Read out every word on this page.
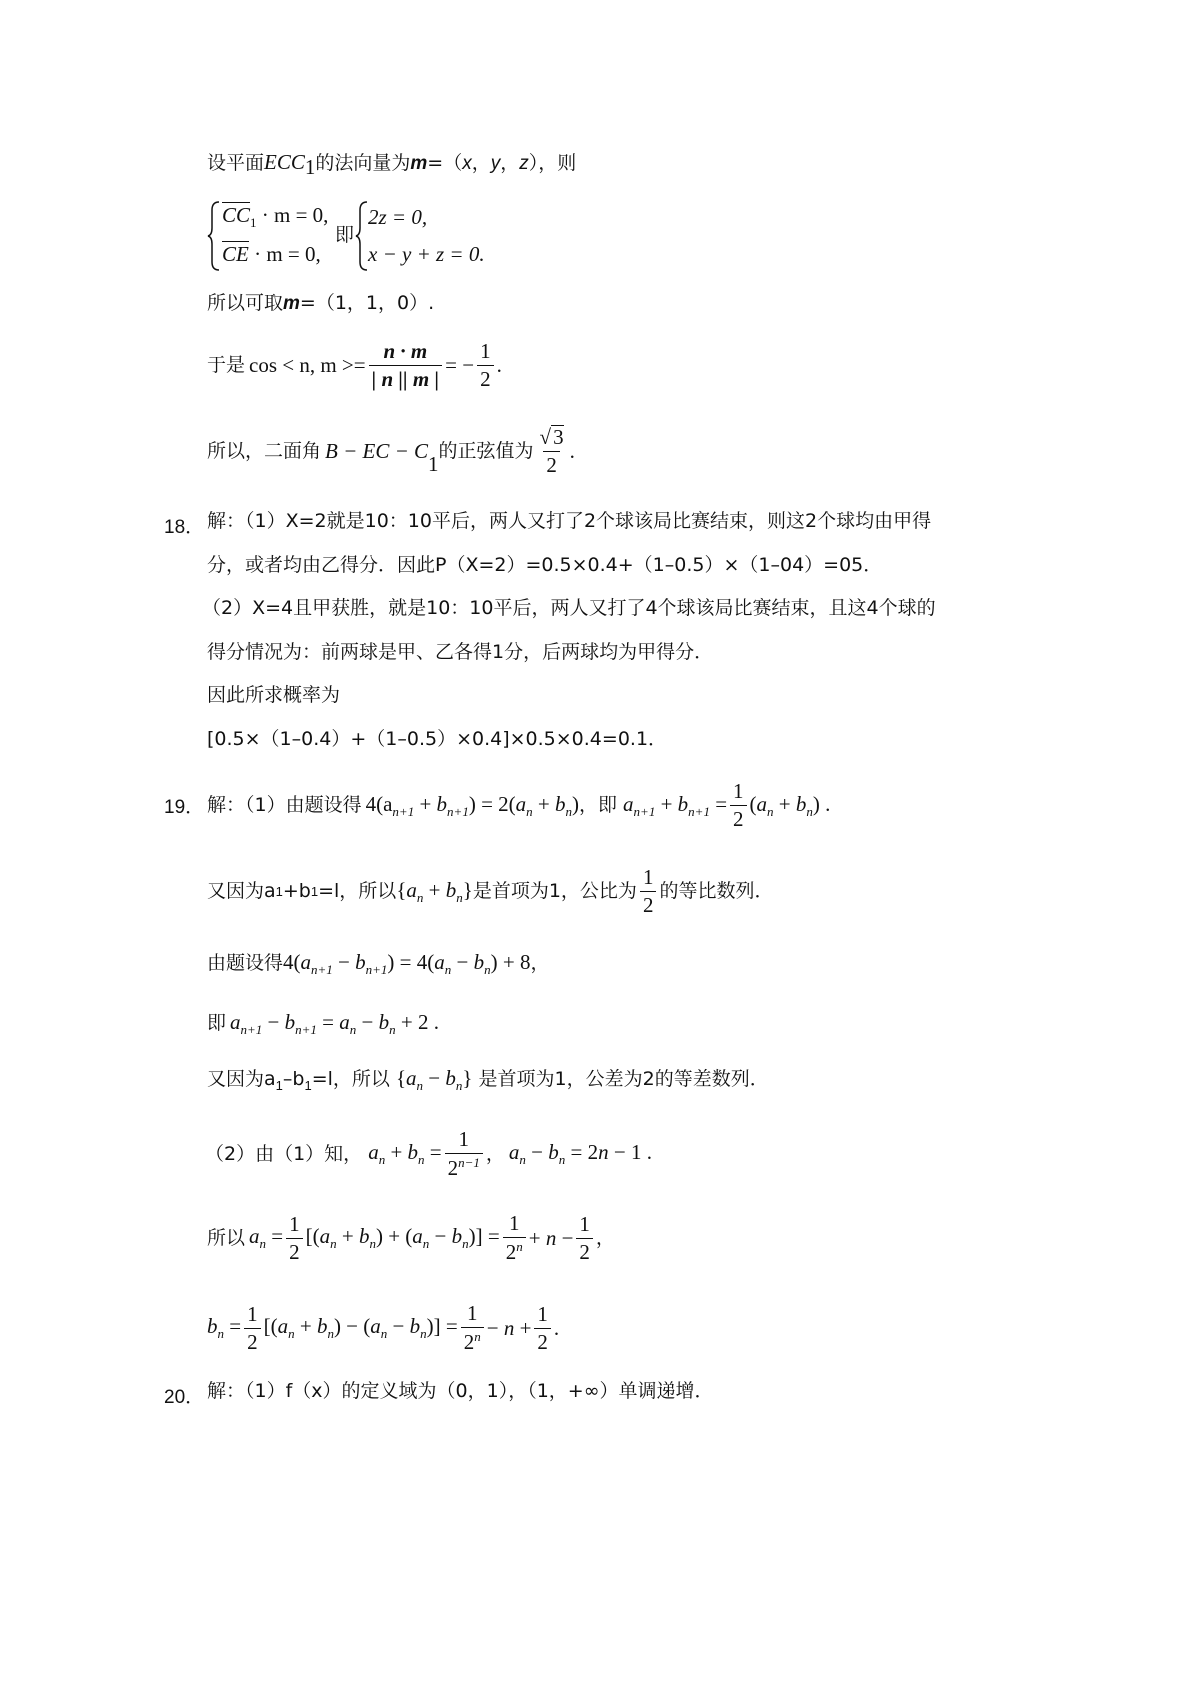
设平面$ECC_1$的法向量为m=（x，y，z），则
$CC_1 \cdot m = 0$,
CE · m = 0,
即
2z = 0,
x − y + z = 0.
所以可取m=（1，1，0）.
于是 cos < n, $m >= \frac{n \cdot m}{| n || m |}$ = − $\frac{1}{2}$ .
所以，二面角 B − EC − C
1
的正弦值为 $\frac{√3}{2}$ .
18． 解：（1）X=2就是10：10平后，两人又打了2个球该局比赛结束，则这2个球均由甲得
分，或者均由乙得分．因此P（X=2）=0.5×0.4+（1–0.5）×（1–04）=05．
（2）X=4且甲获胜，就是10：10平后，两人又打了4个球该局比赛结束，且这4个球的
得分情况为：前两球是甲、乙各得1分，后两球均为甲得分．
因此所求概率为
[0.5×（1–0.4）+（1–0.5）×0.4]×0.5×0.4=0.1．
19． 解：（1）由题设得 $4(a_{n+1} + b_{n+1}) = 2(a_n + b_n)$ ， 即 $a_{n+1} + b_{n+1} = \frac{1}{2} (a_n + b_n)$ .
又因为a 1 +b 1 =l，所以 $\{a_n + b_n\}$ 是首项为1，公比为 $\frac{1}{2}$ 的等比数列．
由题设得$4(a_{n+1} - b_{n+1}) = 4(a_n - b_n) + 8$，
即 $a_{n+1} - b_{n+1} = a_n - b_n + 2$ .
又因为$a_1-b_1=l$，所以 $\{a_n - b_n\}$ 是首项为1，公差为2的等差数列．
（2）由（1）知， $a_n + b_n = \frac{1}{2^{n-1}}$ ， $a_n - b_n = 2n - 1$ .
所以 $a_n = \frac{1}{2} [(a_n + b_n) + (a_n - b_n)] = \frac{1}{2^n} + n - \frac{1}{2}$ ，
$b_n = \frac{1}{2} [(a_n + b_n) - (a_n - b_n)] = \frac{1}{2^n} - n + \frac{1}{2}$ .
20． 解：（1）f（x）的定义域为（0，1），（1，+∞）单调递增．
